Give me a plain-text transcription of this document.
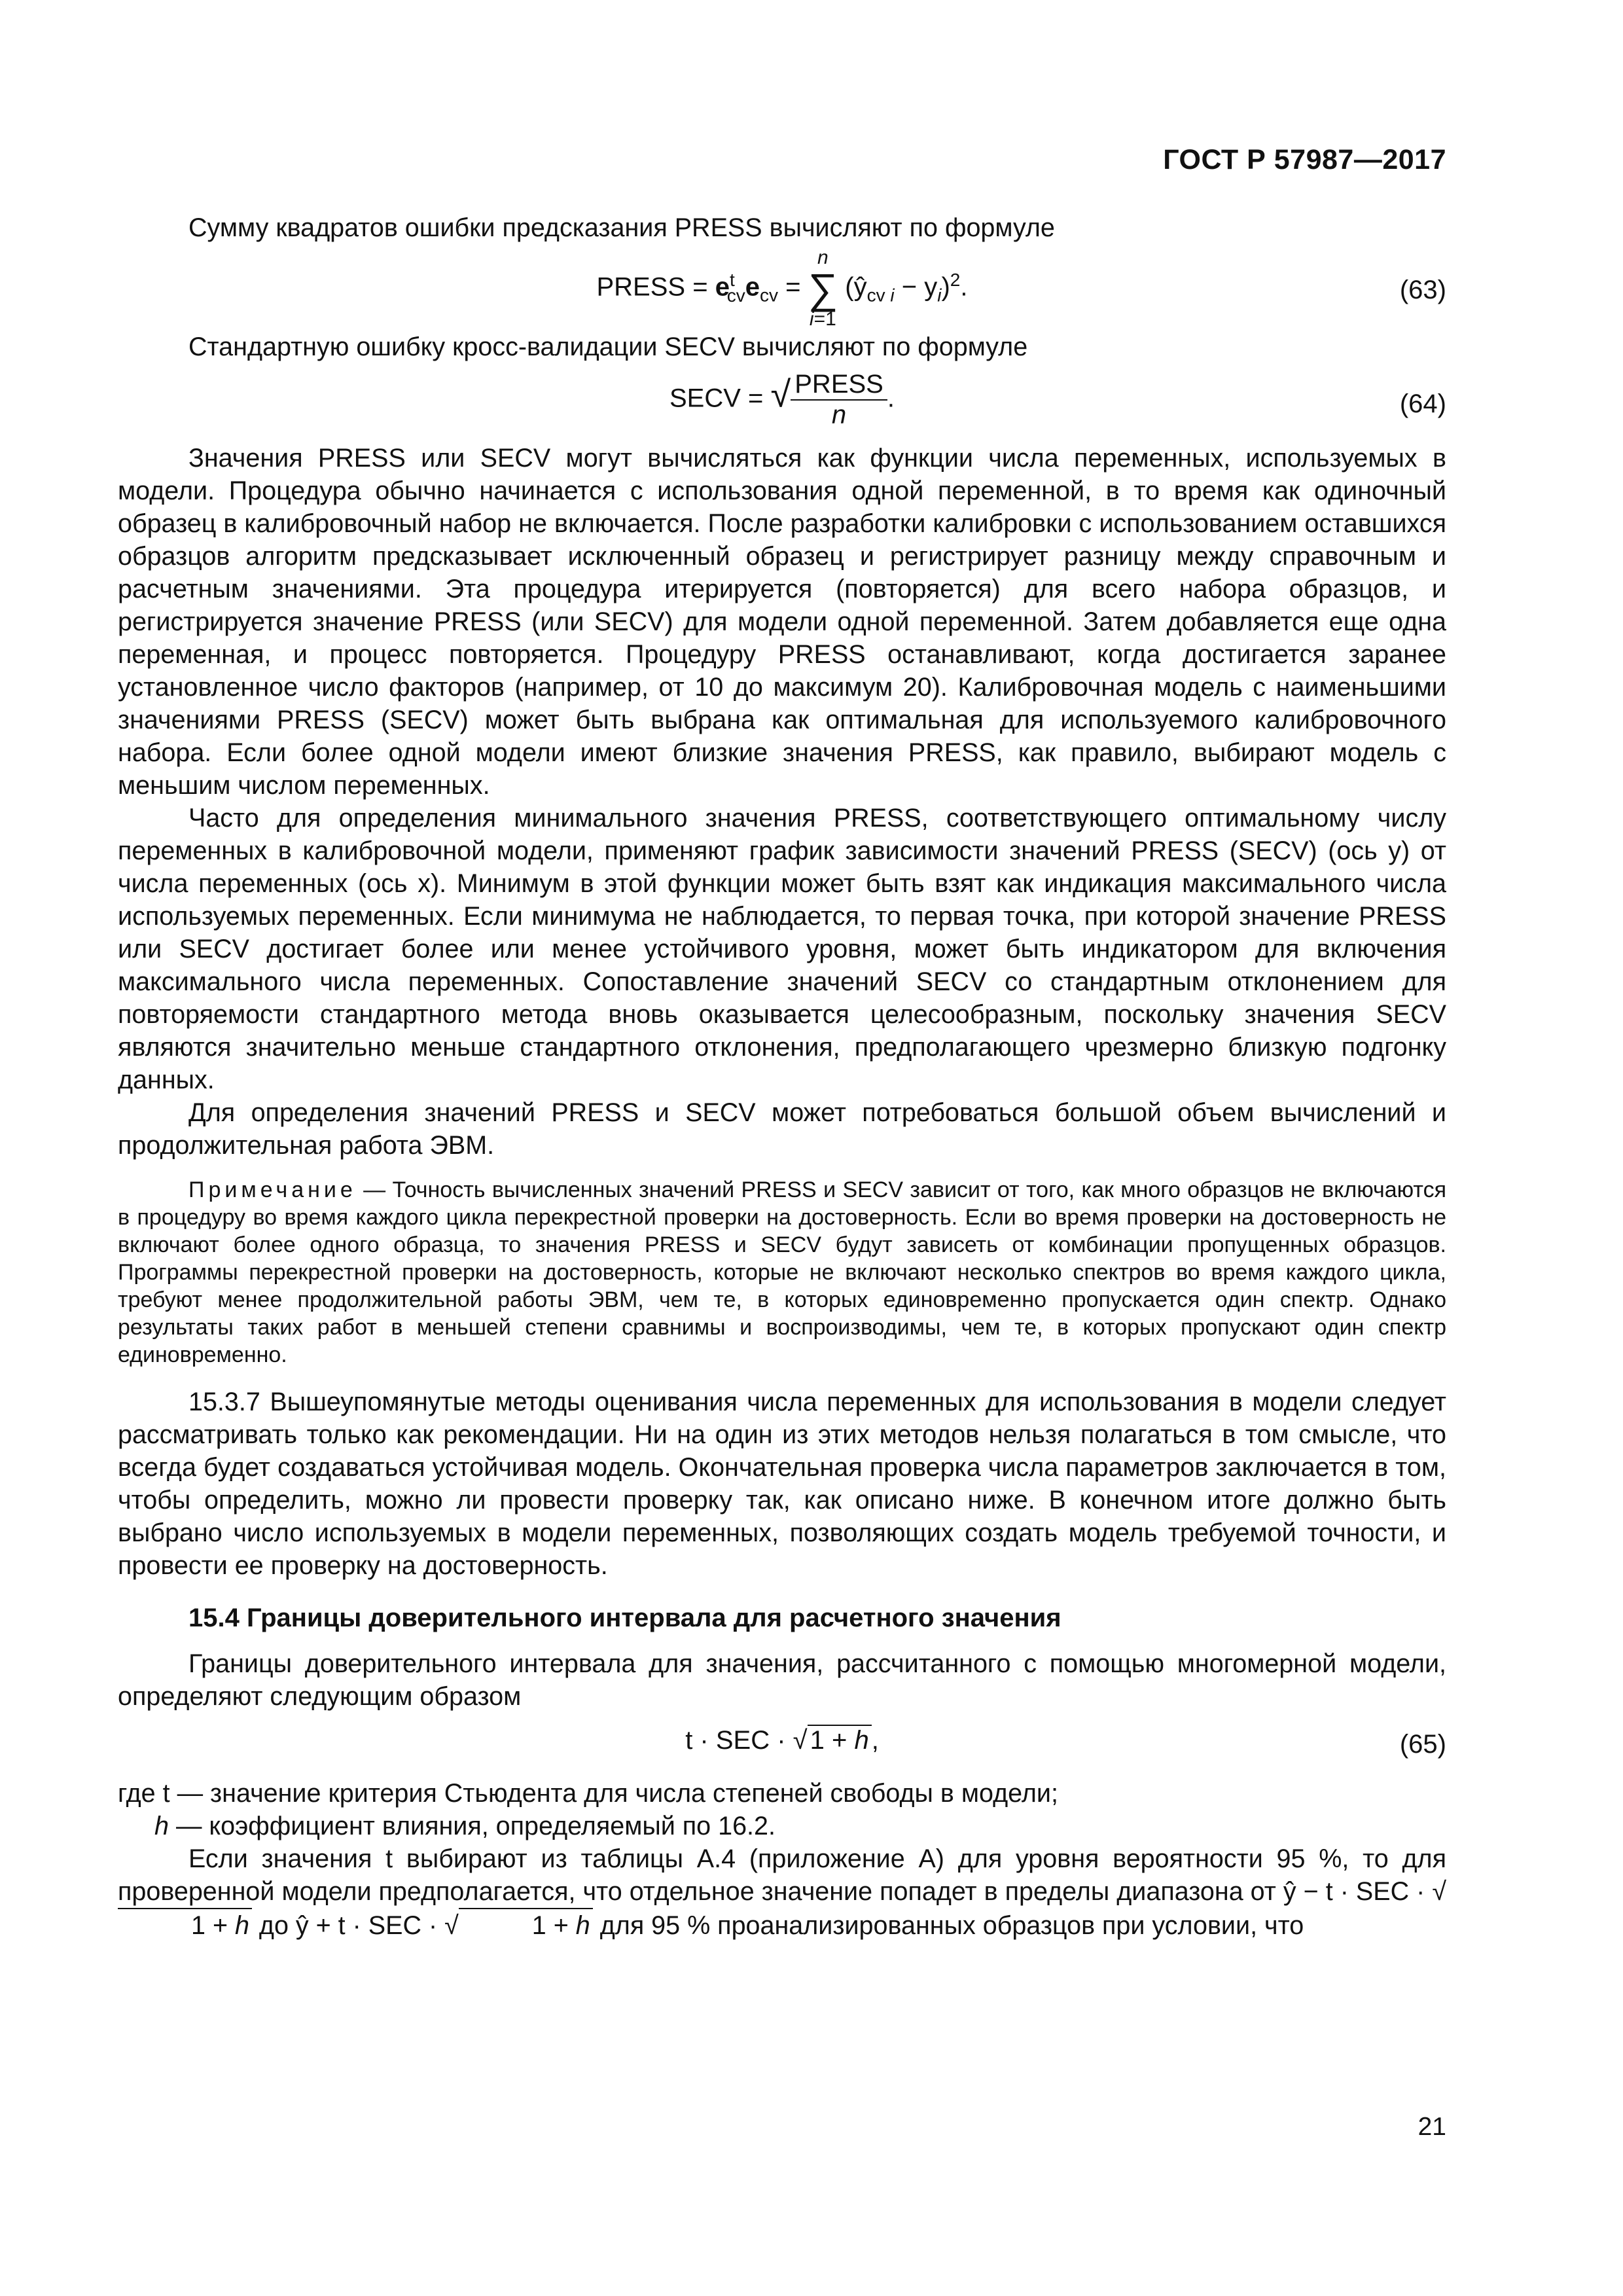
ГОСТ Р 57987—2017

Сумму квадратов ошибки предсказания PRESS вычисляют по формуле

PRESS = $e^t_{cv}e_{cv}$ =
n
∑
i=1
$(ŷ_{cv i} - y_i)^2$.	(63)

Стандартную ошибку кросс-валидации SECV вычисляют по формуле

SECV = √ $\frac{\text{PRESS}}{n}$ .	(64)

Значения PRESS или SECV могут вычисляться как функции числа переменных, используемых в модели. Процедура обычно начинается с использования одной переменной, в то время как одиночный образец в калибровочный набор не включается. После разработки калибровки с использованием оставшихся образцов алгоритм предсказывает исключенный образец и регистрирует разницу между справочным и расчетным значениями. Эта процедура итерируется (повторяется) для всего набора образцов, и регистрируется значение PRESS (или SECV) для модели одной переменной. Затем добавляется еще одна переменная, и процесс повторяется. Процедуру PRESS останавливают, когда достигается заранее установленное число факторов (например, от 10 до максимум 20). Калибровочная модель с наименьшими значениями PRESS (SECV) может быть выбрана как оптимальная для используемого калибровочного набора. Если более одной модели имеют близкие значения PRESS, как правило, выбирают модель с меньшим числом переменных.

Часто для определения минимального значения PRESS, соответствующего оптимальному числу переменных в калибровочной модели, применяют график зависимости значений PRESS (SECV) (ось y) от числа переменных (ось x). Минимум в этой функции может быть взят как индикация максимального числа используемых переменных. Если минимума не наблюдается, то первая точка, при которой значение PRESS или SECV достигает более или менее устойчивого уровня, может быть индикатором для включения максимального числа переменных. Сопоставление значений SECV со стандартным отклонением для повторяемости стандартного метода вновь оказывается целесообразным, поскольку значения SECV являются значительно меньше стандартного отклонения, предполагающего чрезмерно близкую подгонку данных.

Для определения значений PRESS и SECV может потребоваться большой объем вычислений и продолжительная работа ЭВМ.

Примечание — Точность вычисленных значений PRESS и SECV зависит от того, как много образцов не включаются в процедуру во время каждого цикла перекрестной проверки на достоверность. Если во время проверки на достоверность не включают более одного образца, то значения PRESS и SECV будут зависеть от комбинации пропущенных образцов. Программы перекрестной проверки на достоверность, которые не включают несколько спектров во время каждого цикла, требуют менее продолжительной работы ЭВМ, чем те, в которых единовременно пропускается один спектр. Однако результаты таких работ в меньшей степени сравнимы и воспроизводимы, чем те, в которых пропускают один спектр единовременно.

15.3.7 Вышеупомянутые методы оценивания числа переменных для использования в модели следует рассматривать только как рекомендации. Ни на один из этих методов нельзя полагаться в том смысле, что всегда будет создаваться устойчивая модель. Окончательная проверка числа параметров заключается в том, чтобы определить, можно ли провести проверку так, как описано ниже. В конечном итоге должно быть выбрано число используемых в модели переменных, позволяющих создать модель требуемой точности, и провести ее проверку на достоверность.

15.4 Границы доверительного интервала для расчетного значения

Границы доверительного интервала для значения, рассчитанного с помощью многомерной модели, определяют следующим образом

t · SEC · √ 1 + h ,	(65)

где t — значение критерия Стьюдента для числа степеней свободы в модели;

h — коэффициент влияния, определяемый по 16.2.

Если значения t выбирают из таблицы А.4 (приложение А) для уровня вероятности 95 %, то для проверенной модели предполагается, что отдельное значение попадет в пределы диапазона от ŷ − t · SEC · √1 + h до ŷ + t · SEC · √	1 + h для 95 % проанализированных образцов при условии, что

21
